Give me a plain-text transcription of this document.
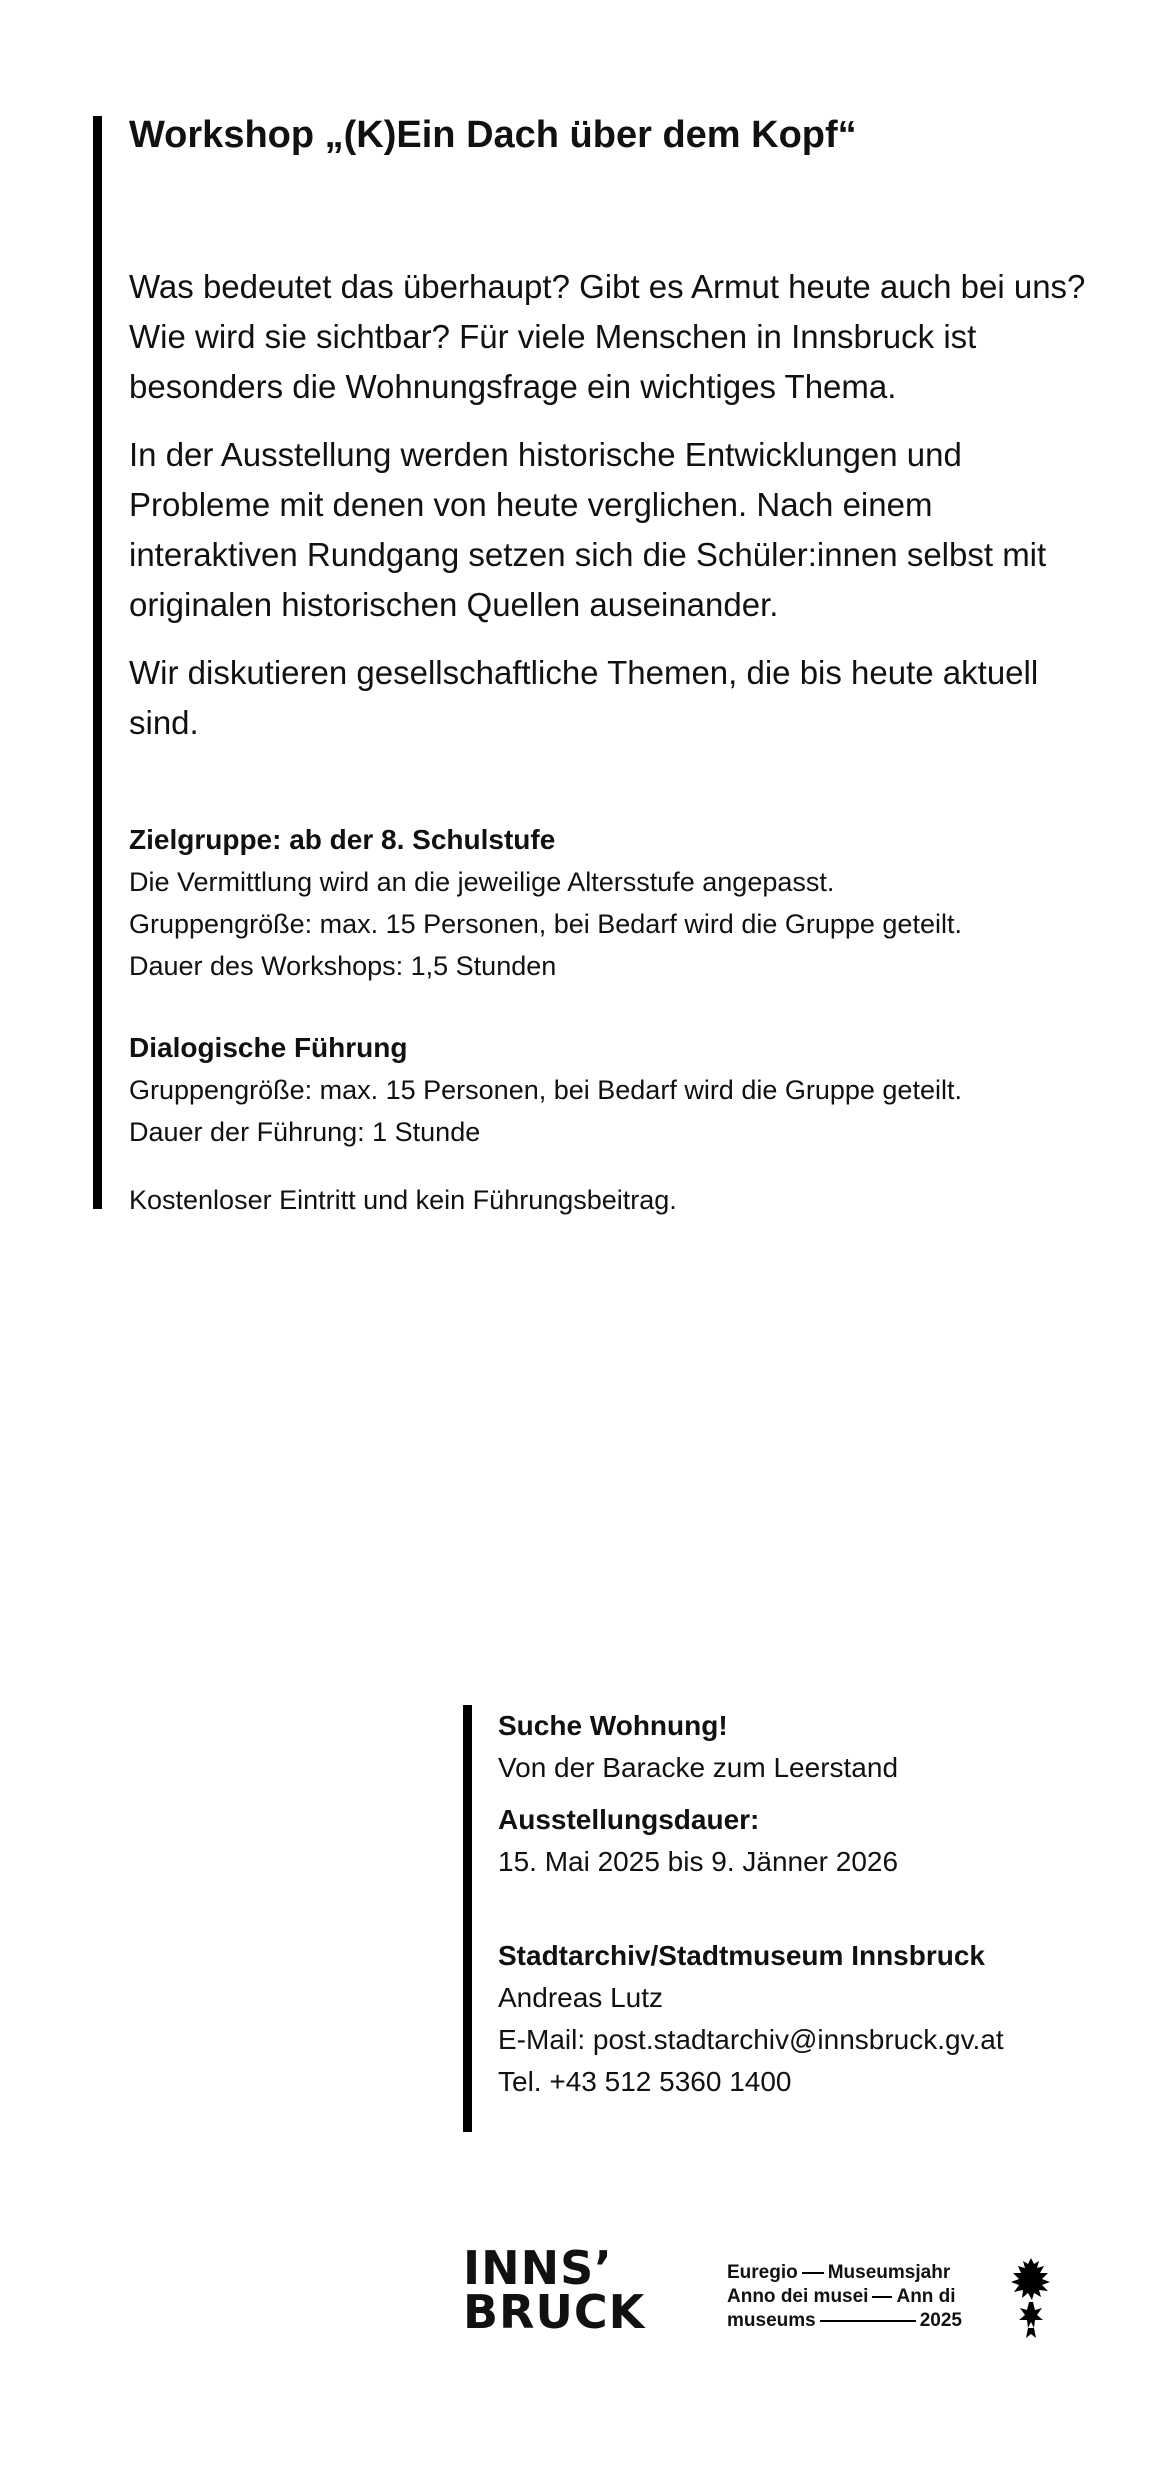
Workshop „(K)Ein Dach über dem Kopf“

Was bedeutet das überhaupt? Gibt es Armut heute auch bei uns? Wie wird sie sichtbar? Für viele Menschen in Innsbruck ist besonders die Wohnungsfrage ein wichtiges Thema.

In der Ausstellung werden historische Entwicklungen und Probleme mit denen von heute verglichen. Nach einem interaktiven Rundgang setzen sich die Schüler:innen selbst mit originalen historischen Quellen auseinander.

Wir diskutieren gesellschaftliche Themen, die bis heute aktuell sind.

Zielgruppe: ab der 8. Schulstufe

Die Vermittlung wird an die jeweilige Altersstufe angepasst.

Gruppengröße: max. 15 Personen, bei Bedarf wird die Gruppe geteilt.

Dauer des Workshops: 1,5 Stunden

Dialogische Führung

Gruppengröße: max. 15 Personen, bei Bedarf wird die Gruppe geteilt.

Dauer der Führung: 1 Stunde

Kostenloser Eintritt und kein Führungsbeitrag.

Suche Wohnung!

Von der Baracke zum Leerstand

Ausstellungsdauer:

15. Mai 2025 bis 9. Jänner 2026

Stadtarchiv/Stadtmuseum Innsbruck

Andreas Lutz

E-Mail: post.stadtarchiv@innsbruck.gv.at

Tel. +43 512 5360 1400

INNS’
BRUCK
Euregio Museumsjahr
Anno dei musei Ann di
museums	2025
